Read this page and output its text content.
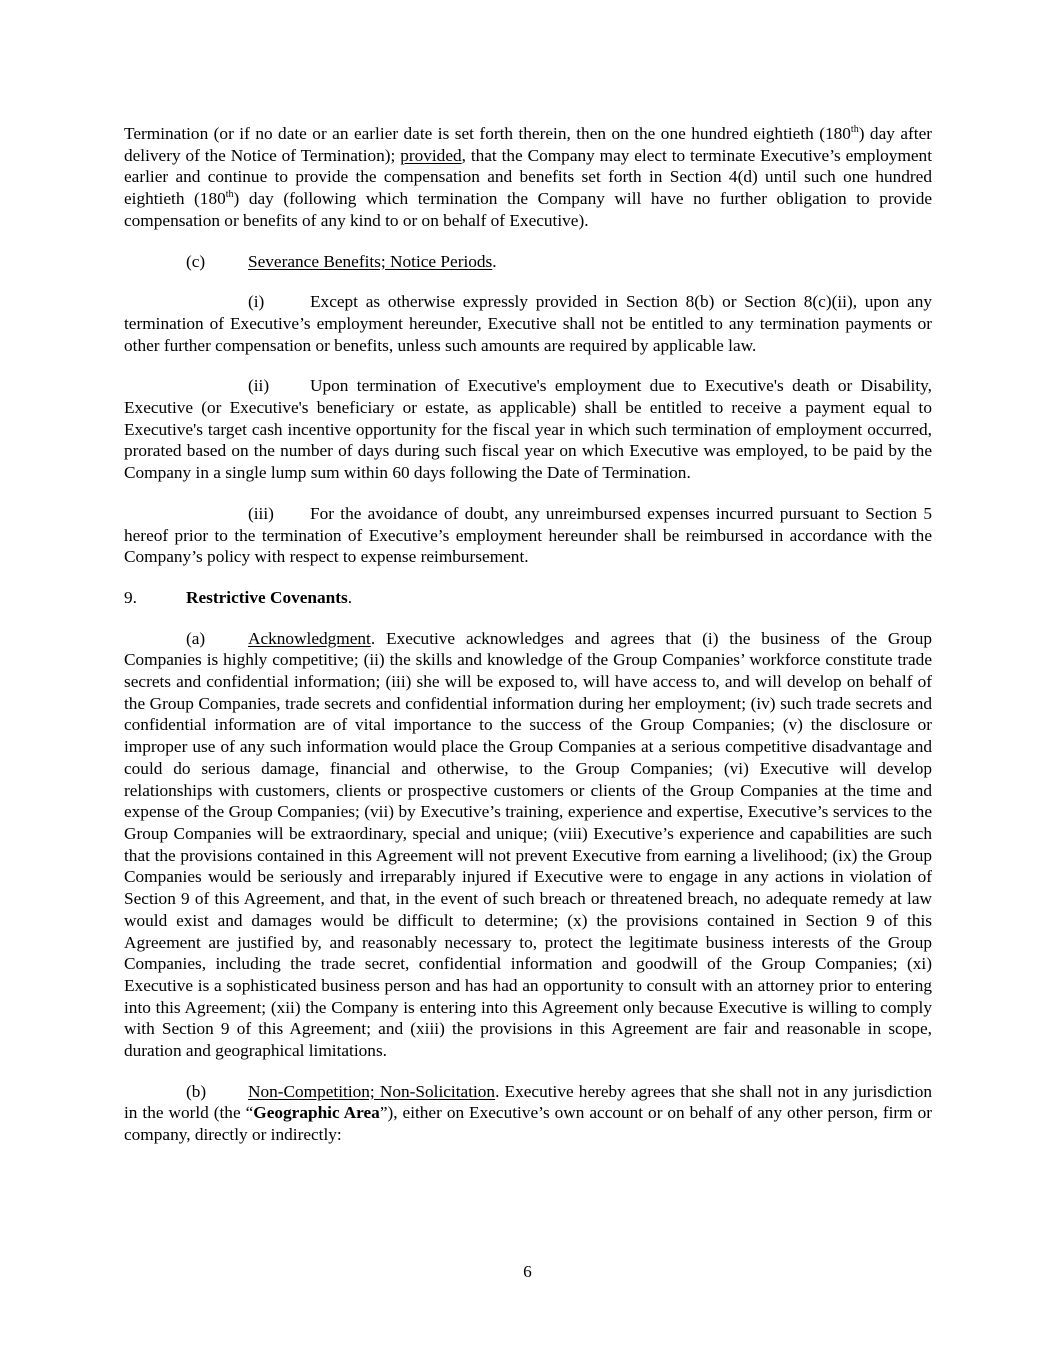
Termination (or if no date or an earlier date is set forth therein, then on the one hundred eightieth (180th) day after delivery of the Notice of Termination); provided, that the Company may elect to terminate Executive’s employment earlier and continue to provide the compensation and benefits set forth in Section 4(d) until such one hundred eightieth (180th) day (following which termination the Company will have no further obligation to provide compensation or benefits of any kind to or on behalf of Executive).

(c) Severance Benefits; Notice Periods.

(i)	Except as otherwise expressly provided in Section 8(b) or Section 8(c)(ii), upon any termination of Executive’s employment hereunder, Executive shall not be entitled to any termination payments or other further compensation or benefits, unless such amounts are required by applicable law.

(ii) Upon termination of Executive's employment due to Executive's death or Disability, Executive (or Executive's beneficiary or estate, as applicable) shall be entitled to receive a payment equal to Executive's target cash incentive opportunity for the fiscal year in which such termination of employment occurred, prorated based on the number of days during such fiscal year on which Executive was employed, to be paid by the Company in a single lump sum within 60 days following the Date of Termination.

(iii) For the avoidance of doubt, any unreimbursed expenses incurred pursuant to Section 5 hereof prior to the termination of Executive’s employment hereunder shall be reimbursed in accordance with the Company’s policy with respect to expense reimbursement.

9.	Restrictive Covenants.

(a) Acknowledgment. Executive acknowledges and agrees that (i) the business of the Group Companies is highly competitive; (ii) the skills and knowledge of the Group Companies’ workforce constitute trade secrets and confidential information; (iii) she will be exposed to, will have access to, and will develop on behalf of the Group Companies, trade secrets and confidential information during her employment; (iv) such trade secrets and confidential information are of vital importance to the success of the Group Companies; (v) the disclosure or improper use of any such information would place the Group Companies at a serious competitive disadvantage and could do serious damage, financial and otherwise, to the Group Companies; (vi) Executive will develop relationships with customers, clients or prospective customers or clients of the Group Companies at the time and expense of the Group Companies; (vii) by Executive’s training, experience and expertise, Executive’s services to the Group Companies will be extraordinary, special and unique; (viii) Executive’s experience and capabilities are such that the provisions contained in this Agreement will not prevent Executive from earning a livelihood; (ix) the Group Companies would be seriously and irreparably injured if Executive were to engage in any actions in violation of Section 9 of this Agreement, and that, in the event of such breach or threatened breach, no adequate remedy at law would exist and damages would be difficult to determine; (x) the provisions contained in Section 9 of this Agreement are justified by, and reasonably necessary to, protect the legitimate business interests of the Group Companies, including the trade secret, confidential information and goodwill of the Group Companies; (xi) Executive is a sophisticated business person and has had an opportunity to consult with an attorney prior to entering into this Agreement; (xii) the Company is entering into this Agreement only because Executive is willing to comply with Section 9 of this Agreement; and (xiii) the provisions in this Agreement are fair and reasonable in scope, duration and geographical limitations.

(b) Non-Competition; Non-Solicitation. Executive hereby agrees that she shall not in any jurisdiction in the world (the “Geographic Area”), either on Executive’s own account or on behalf of any other person, firm or company, directly or indirectly:

6
